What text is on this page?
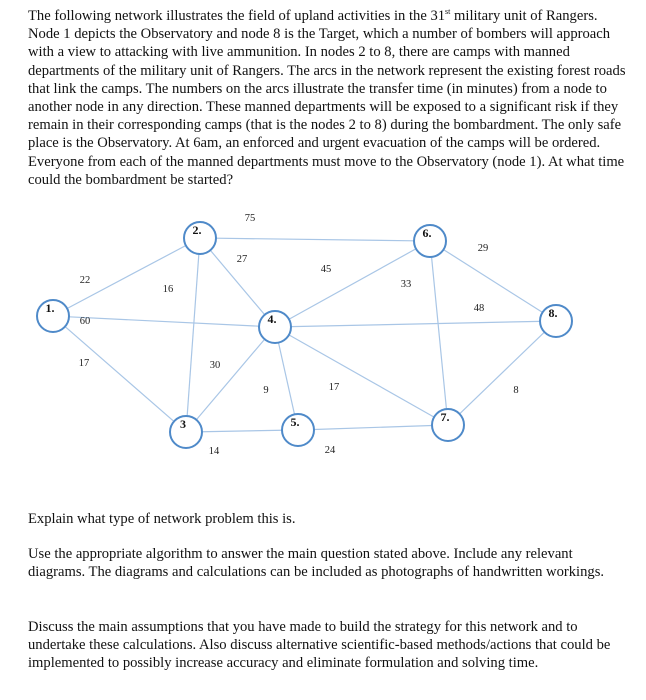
The following network illustrates the field of upland activities in the 31st military unit of Rangers. Node 1 depicts the Observatory and node 8 is the Target, which a number of bombers will approach with a view to attacking with live ammunition. In nodes 2 to 8, there are camps with manned departments of the military unit of Rangers. The arcs in the network represent the existing forest roads that link the camps. The numbers on the arcs illustrate the transfer time (in minutes) from a node to another node in any direction. These manned departments will be exposed to a significant risk if they remain in their corresponding camps (that is the nodes 2 to 8) during the bombardment. The only safe place is the Observatory. At 6am, an enforced and urgent evacuation of the camps will be ordered. Everyone from each of the manned departments must move to the Observatory (node 1). At what time could the bombardment be started?

22
60
17
16
75
27
30
14
9
45
17
48
24
33
29
8
1.
2.
3
4.
5.
6.
7.
8.

Explain what type of network problem this is.

Use the appropriate algorithm to answer the main question stated above. Include any relevant diagrams. The diagrams and calculations can be included as photographs of handwritten workings.

Discuss the main assumptions that you have made to build the strategy for this network and to undertake these calculations. Also discuss alternative scientific-based methods/actions that could be implemented to possibly increase accuracy and eliminate formulation and solving time.
